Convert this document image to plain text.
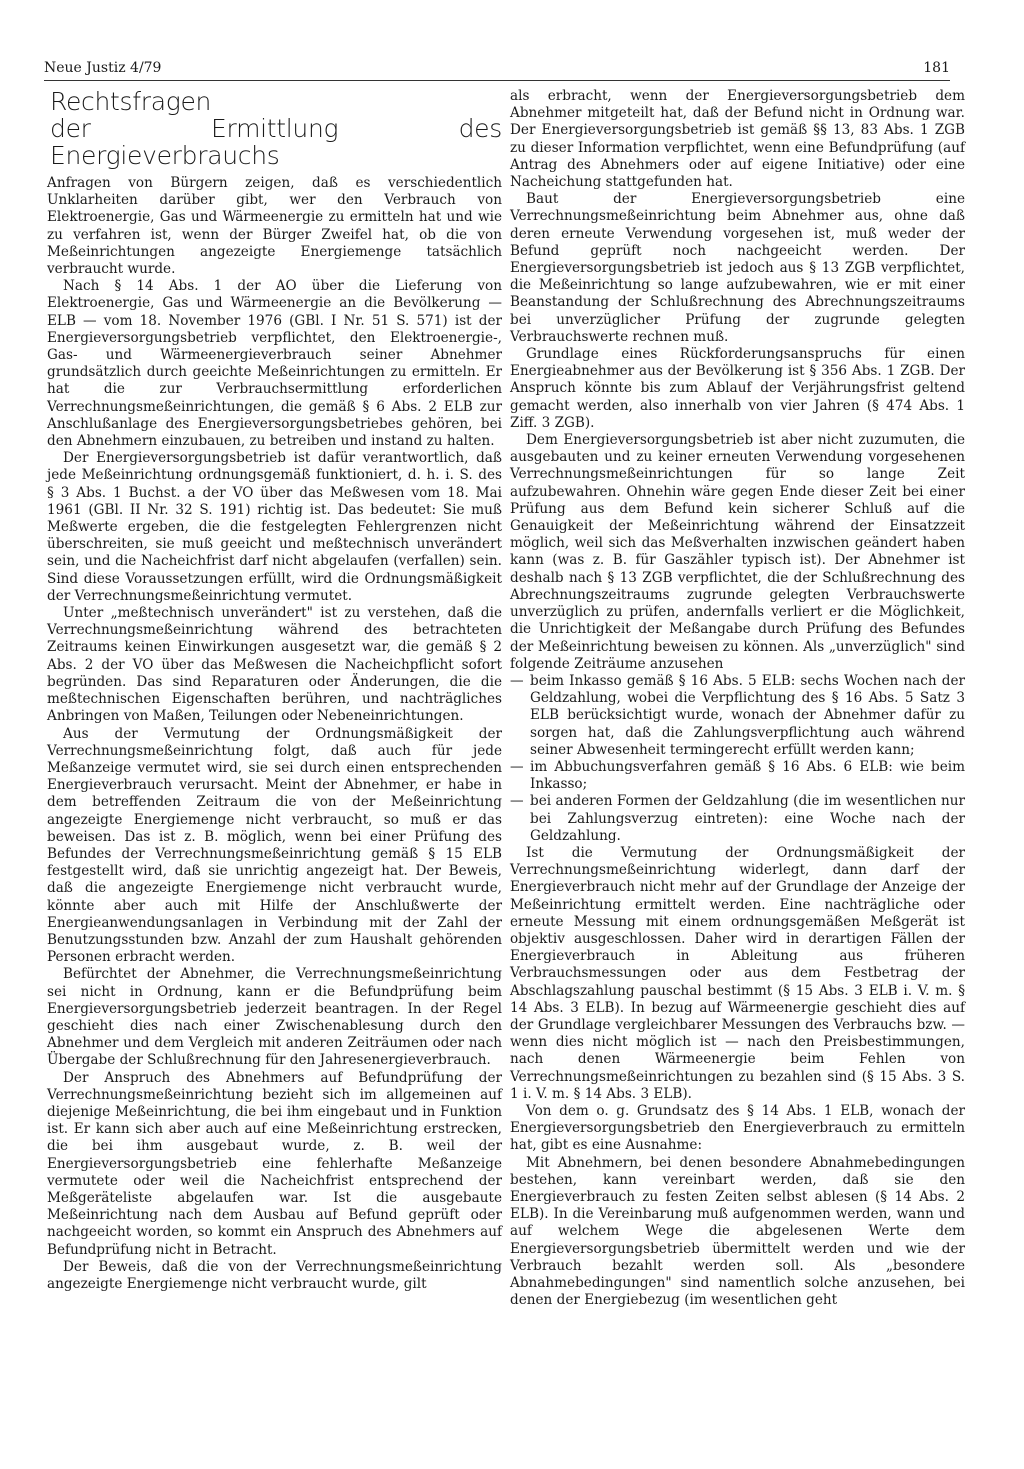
Neue Justiz 4/79	181
Rechtsfragen
der Ermittlung des Energieverbrauchs

Anfragen von Bürgern zeigen, daß es verschiedentlich Unklarheiten darüber gibt, wer den Verbrauch von Elektroenergie, Gas und Wärmeenergie zu ermitteln hat und wie zu verfahren ist, wenn der Bürger Zweifel hat, ob die von Meßeinrichtungen angezeigte Energiemenge tatsächlich verbraucht wurde.

Nach § 14 Abs. 1 der AO über die Lieferung von Elektroenergie, Gas und Wärmeenergie an die Bevölkerung — ELB — vom 18. November 1976 (GBl. I Nr. 51 S. 571) ist der Energieversorgungsbetrieb verpflichtet, den Elektroenergie-, Gas- und Wärmeenergieverbrauch seiner Abnehmer grundsätzlich durch geeichte Meßeinrichtungen zu ermitteln. Er hat die zur Verbrauchsermittlung erforderlichen Verrechnungsmeßeinrichtungen, die gemäß § 6 Abs. 2 ELB zur Anschlußanlage des Energieversorgungsbetriebes gehören, bei den Abnehmern einzubauen, zu betreiben und instand zu halten.

Der Energieversorgungsbetrieb ist dafür verantwortlich, daß jede Meßeinrichtung ordnungsgemäß funktioniert, d. h. i. S. des § 3 Abs. 1 Buchst. a der VO über das Meßwesen vom 18. Mai 1961 (GBl. II Nr. 32 S. 191) richtig ist. Das bedeutet: Sie muß Meßwerte ergeben, die die festgelegten Fehlergrenzen nicht überschreiten, sie muß geeicht und meßtechnisch unverändert sein, und die Nacheichfrist darf nicht abgelaufen (verfallen) sein. Sind diese Voraussetzungen erfüllt, wird die Ordnungsmäßigkeit der Verrechnungsmeßeinrichtung vermutet.

Unter „meßtechnisch unverändert" ist zu verstehen, daß die Verrechnungsmeßeinrichtung während des betrachteten Zeitraums keinen Einwirkungen ausgesetzt war, die gemäß § 2 Abs. 2 der VO über das Meßwesen die Nacheichpflicht sofort begründen. Das sind Reparaturen oder Änderungen, die die meßtechnischen Eigenschaften berühren, und nachträgliches Anbringen von Maßen, Teilungen oder Nebeneinrichtungen.

Aus der Vermutung der Ordnungsmäßigkeit der Verrechnungsmeßeinrichtung folgt, daß auch für jede Meßanzeige vermutet wird, sie sei durch einen entsprechenden Energieverbrauch verursacht. Meint der Abnehmer, er habe in dem betreffenden Zeitraum die von der Meßeinrichtung angezeigte Energiemenge nicht verbraucht, so muß er das beweisen. Das ist z. B. möglich, wenn bei einer Prüfung des Befundes der Verrechnungsmeßeinrichtung gemäß § 15 ELB festgestellt wird, daß sie unrichtig angezeigt hat. Der Beweis, daß die angezeigte Energiemenge nicht verbraucht wurde, könnte aber auch mit Hilfe der Anschlußwerte der Energieanwendungsanlagen in Verbindung mit der Zahl der Benutzungsstunden bzw. Anzahl der zum Haushalt gehörenden Personen erbracht werden.

Befürchtet der Abnehmer, die Verrechnungsmeßeinrichtung sei nicht in Ordnung, kann er die Befundprüfung beim Energieversorgungsbetrieb jederzeit beantragen. In der Regel geschieht dies nach einer Zwischenablesung durch den Abnehmer und dem Vergleich mit anderen Zeiträumen oder nach Übergabe der Schlußrechnung für den Jahresenergieverbrauch.

Der Anspruch des Abnehmers auf Befundprüfung der Verrechnungsmeßeinrichtung bezieht sich im allgemeinen auf diejenige Meßeinrichtung, die bei ihm eingebaut und in Funktion ist. Er kann sich aber auch auf eine Meßeinrichtung erstrecken, die bei ihm ausgebaut wurde, z. B. weil der Energieversorgungsbetrieb eine fehlerhafte Meßanzeige vermutete oder weil die Nacheichfrist entsprechend der Meßgeräteliste abgelaufen war. Ist die ausgebaute Meßeinrichtung nach dem Ausbau auf Befund geprüft oder nachgeeicht worden, so kommt ein Anspruch des Abnehmers auf Befundprüfung nicht in Betracht.

Der Beweis, daß die von der Verrechnungsmeßeinrichtung angezeigte Energiemenge nicht verbraucht wurde, gilt

als erbracht, wenn der Energieversorgungsbetrieb dem Abnehmer mitgeteilt hat, daß der Befund nicht in Ordnung war. Der Energieversorgungsbetrieb ist gemäß §§ 13, 83 Abs. 1 ZGB zu dieser Information verpflichtet, wenn eine Befundprüfung (auf Antrag des Abnehmers oder auf eigene Initiative) oder eine Nacheichung stattgefunden hat.

Baut der Energieversorgungsbetrieb eine Verrechnungsmeßeinrichtung beim Abnehmer aus, ohne daß deren erneute Verwendung vorgesehen ist, muß weder der Befund geprüft noch nachgeeicht werden. Der Energieversorgungsbetrieb ist jedoch aus § 13 ZGB verpflichtet, die Meßeinrichtung so lange aufzubewahren, wie er mit einer Beanstandung der Schlußrechnung des Abrechnungszeitraums bei unverzüglicher Prüfung der zugrunde gelegten Verbrauchswerte rechnen muß.

Grundlage eines Rückforderungsanspruchs für einen Energieabnehmer aus der Bevölkerung ist § 356 Abs. 1 ZGB. Der Anspruch könnte bis zum Ablauf der Verjährungsfrist geltend gemacht werden, also innerhalb von vier Jahren (§ 474 Abs. 1 Ziff. 3 ZGB).

Dem Energieversorgungsbetrieb ist aber nicht zuzumuten, die ausgebauten und zu keiner erneuten Verwendung vorgesehenen Verrechnungsmeßeinrichtungen für so lange Zeit aufzubewahren. Ohnehin wäre gegen Ende dieser Zeit bei einer Prüfung aus dem Befund kein sicherer Schluß auf die Genauigkeit der Meßeinrichtung während der Einsatzzeit möglich, weil sich das Meßverhalten inzwischen geändert haben kann (was z. B. für Gaszähler typisch ist). Der Abnehmer ist deshalb nach § 13 ZGB verpflichtet, die der Schlußrechnung des Abrechnungszeitraums zugrunde gelegten Verbrauchswerte unverzüglich zu prüfen, andernfalls verliert er die Möglichkeit, die Unrichtigkeit der Meßangabe durch Prüfung des Befundes der Meßeinrichtung beweisen zu können. Als „unverzüglich" sind folgende Zeiträume anzusehen

— beim Inkasso gemäß § 16 Abs. 5 ELB: sechs Wochen nach der Geldzahlung, wobei die Verpflichtung des § 16 Abs. 5 Satz 3 ELB berücksichtigt wurde, wonach der Abnehmer dafür zu sorgen hat, daß die Zahlungsverpflichtung auch während seiner Abwesenheit termingerecht erfüllt werden kann;
— im Abbuchungsverfahren gemäß § 16 Abs. 6 ELB: wie beim Inkasso;
— bei anderen Formen der Geldzahlung (die im wesentlichen nur bei Zahlungsverzug eintreten): eine Woche nach der Geldzahlung.

Ist die Vermutung der Ordnungsmäßigkeit der Verrechnungsmeßeinrichtung widerlegt, dann darf der Energieverbrauch nicht mehr auf der Grundlage der Anzeige der Meßeinrichtung ermittelt werden. Eine nachträgliche oder erneute Messung mit einem ordnungsgemäßen Meßgerät ist objektiv ausgeschlossen. Daher wird in derartigen Fällen der Energieverbrauch in Ableitung aus früheren Verbrauchsmessungen oder aus dem Festbetrag der Abschlagszahlung pauschal bestimmt (§ 15 Abs. 3 ELB i. V. m. § 14 Abs. 3 ELB). In bezug auf Wärmeenergie geschieht dies auf der Grundlage vergleichbarer Messungen des Verbrauchs bzw. — wenn dies nicht möglich ist — nach den Preisbestimmungen, nach denen Wärmeenergie beim Fehlen von Verrechnungsmeßeinrichtungen zu bezahlen sind (§ 15 Abs. 3 S. 1 i. V. m. § 14 Abs. 3 ELB).

Von dem o. g. Grundsatz des § 14 Abs. 1 ELB, wonach der Energieversorgungsbetrieb den Energieverbrauch zu ermitteln hat, gibt es eine Ausnahme:

Mit Abnehmern, bei denen besondere Abnahmebedingungen bestehen, kann vereinbart werden, daß sie den Energieverbrauch zu festen Zeiten selbst ablesen (§ 14 Abs. 2 ELB). In die Vereinbarung muß aufgenommen werden, wann und auf welchem Wege die abgelesenen Werte dem Energieversorgungsbetrieb übermittelt werden und wie der Verbrauch bezahlt werden soll. Als „besondere Abnahmebedingungen" sind namentlich solche anzusehen, bei denen der Energiebezug (im wesentlichen geht
